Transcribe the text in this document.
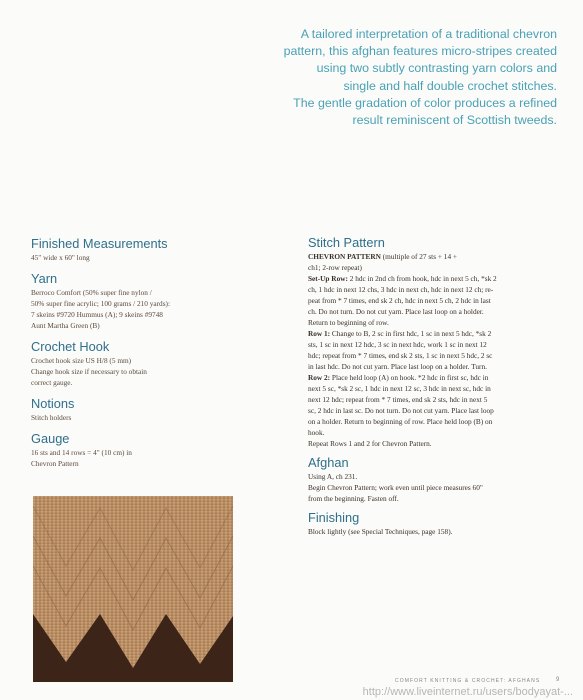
A tailored interpretation of a traditional chevron
pattern, this afghan features micro-stripes created
using two subtly contrasting yarn colors and
single and half double crochet stitches.
The gentle gradation of color produces a refined
result reminiscent of Scottish tweeds.
Finished Measurements
45" wide x 60" long
Yarn
Berroco Comfort (50% super fine nylon /
50% super fine acrylic; 100 grams / 210 yards):
7 skeins #9720 Hummus (A); 9 skeins #9748
Aunt Martha Green (B)
Crochet Hook
Crochet hook size US H/8 (5 mm)
Change hook size if necessary to obtain
correct gauge.
Notions
Stitch holders
Gauge
16 sts and 14 rows = 4" (10 cm) in
Chevron Pattern
Stitch Pattern
CHEVRON PATTERN (multiple of 27 sts + 14 +
ch1; 2-row repeat)
Set-Up Row: 2 hdc in 2nd ch from hook, hdc in next 5 ch, *sk 2
ch, 1 hdc in next 12 chs, 3 hdc in next ch, hdc in next 12 ch; re-
peat from * 7 times, end sk 2 ch, hdc in next 5 ch, 2 hdc in last
ch. Do not turn. Do not cut yarn. Place last loop on a holder.
Return to beginning of row.
Row 1: Change to B, 2 sc in first hdc, 1 sc in next 5 hdc, *sk 2
sts, 1 sc in next 12 hdc, 3 sc in next hdc, work 1 sc in next 12
hdc; repeat from * 7 times, end sk 2 sts, 1 sc in next 5 hdc, 2 sc
in last hdc. Do not cut yarn. Place last loop on a holder. Turn.
Row 2: Place held loop (A) on hook. *2 hdc in first sc, hdc in
next 5 sc, *sk 2 sc, 1 hdc in next 12 sc, 3 hdc in next sc, hdc in
next 12 hdc; repeat from * 7 times, end sk 2 sts, hdc in next 5
sc, 2 hdc in last sc. Do not turn. Do not cut yarn. Place last loop
on a holder. Return to beginning of row. Place held loop (B) on
hook.
Repeat Rows 1 and 2 for Chevron Pattern.
Afghan
Using A, ch 231.
Begin Chevron Pattern; work even until piece measures 60"
from the beginning. Fasten off.
Finishing
Block lightly (see Special Techniques, page 158).
COMFORT KNITTING & CROCHET: AFGHANS	9
http://www.liveinternet.ru/users/bodyayat-...
